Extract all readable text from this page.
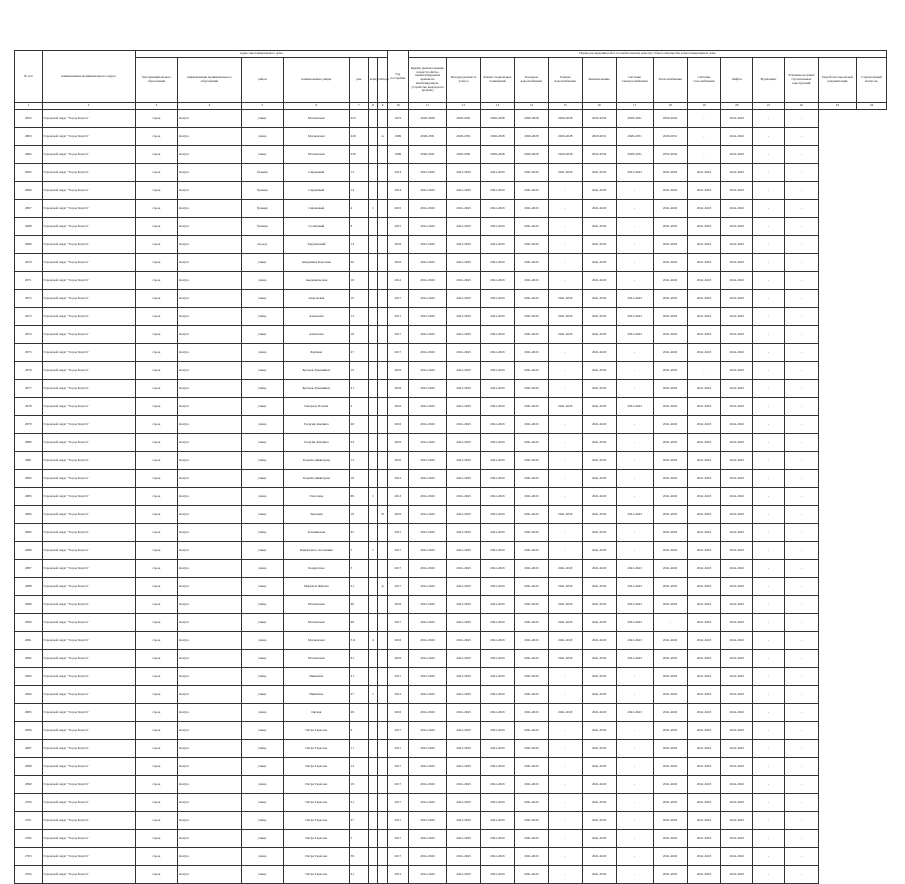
№ п/п	наименование муниципального округа	Адрес многоквартирного дома							Год постройки	Период проведения работ по капитальному ремонту общего имущества в многоквартирном доме													
		тип муниципального образования	наименование муниципального образования	район	наименование улицы	дом	корпус	литера		Крыша (ремонт крыши, переустройство невентилируемой крыши на вентилируемую, устройство выходов на кровлю)	Фасады (ремонт и утепл.)	Ремонт подвальных помещений	Холодное водоснабжение	Горячее водоснабжение	Канализование	Системы электроснабжения	Теплоснабжение	Системы газоснабжения	Лифты	Фундамент	Усиление несущих строительных конструкций	Разработка проектной документации	Строительный контроль
1	2	3	4	5	6	7	8	9	10	11	12	13	14	15	16	17	18	19	20	21	22	23	24
2652	Городской округ "Город Калуга"	город	Калуга	улица	Московская	223			1972	2026-2028	2029-2031	2026-2028	2026-2028	2026-2028	2032-2034	2029-2031	2032-2034	-	2041-2043	-	-		
2663	Городской округ "Город Калуга"	город	Калуга	улица	Московская	229		А	1969	2026-2031	2029-2031	2026-2028	2026-2028	2026-2028	2029-2031	2029-2031	2029-2031	-	2041-2043	-	-		
2664	Городской округ "Город Калуга"	город	Калуга	улица	Московская	229			1969	2026-2031	2029-2031	2026-2028	2026-2028	2026-2028	2032-2034	2029-2031	2032-2034	-	2041-2043	-	-		
2665	Городской округ "Город Калуга"	город	Калуга	бульвар	Сиреневый	12			2014	2041-2043	2041-2043	2041-2043	2041-2043	2041-2043	2041-2043	2041-2043	2041-2043	2041-2043	2041-2043	-	-		
2666	Городской округ "Город Калуга"	город	Калуга	бульвар	Сиреневый	14			2014	2041-2043	2041-2043	2041-2043	2041-2043	-	2041-2043	-	2041-2043	2041-2043	2041-2043	-	-		
2667	Городской округ "Город Калуга"	город	Калуга	бульвар	Сиреневый	4	1		2015	2041-2043	2041-2043	2041-2043	2041-2043	-	2041-2043	-	2041-2043	2041-2043	2041-2043	-	-		
2668	Городской округ "Город Калуга"	город	Калуга	бульвар	Солнечный	8			2015	2041-2043	2041-2043	2041-2043	2041-2043	-	2041-2043	-	2041-2043	2041-2043	2041-2043	-	-		
2669	Городской округ "Город Калуга"	город	Калуга	проезд	Тарутинский	14			2016	2041-2043	2041-2043	2041-2043	2041-2043	-	2041-2043	-	2041-2043	2041-2043	2041-2043	-	-		
2670	Городской округ "Город Калуга"	город	Калуга	улица	Академика Королева	20			2016	2041-2043	2041-2043	2041-2043	2041-2043	-	2041-2043	-	2041-2043	2041-2043	2041-2043	-	-		
2671	Городской округ "Город Калуга"	город	Калуга	улица	Академическая	10			2012	2041-2043	2041-2043	2041-2043	2041-2043	-	2041-2043	-	2041-2043	2041-2043	2041-2043	-	-		
2672	Городской округ "Город Калуга"	город	Калуга	улица	Азаровская	10			2017	2041-2043	2041-2043	2041-2043	2041-2043	2041-2043	2041-2043	2041-2043	2041-2043	2041-2043	2041-2043	-	-		
2673	Городской округ "Город Калуга"	город	Калуга	улица	Алексеева	12			2011	2041-2043	2041-2043	2041-2043	2041-2043	2041-2043	2041-2043	2041-2043	2041-2043	2041-2043	2041-2043	-	-		
2674	Городской округ "Город Калуга"	город	Калуга	улица	Алексеева	18			2017	2041-2043	2041-2043	2041-2043	2041-2043	2041-2043	2041-2043	2041-2043	2041-2043	2041-2043	2041-2043	-	-		
2675	Городской округ "Город Калуга"	город	Калуга	улица	Баумана	27			2017	2041-2043	2041-2043	2041-2043	2041-2043	-	2041-2043	-	2041-2043	2041-2043	2041-2043	-	-		
2676	Городской округ "Город Калуга"	город	Калуга	улица	Братьев Луканиных	19			2016	2041-2043	2041-2043	2041-2043	2041-2043	-	2041-2043	-	2041-2043	-	2041-2043	-	-		
2677	Городской округ "Город Калуга"	город	Калуга	улица	Братьев Луканиных	21			2016	2041-2043	2041-2043	2041-2043	2041-2043	-	2041-2043	-	2041-2043	2041-2043	2041-2043	-	-		
2678	Городской округ "Город Калуга"	город	Калуга	улица	Генерала Попова	2			2016	2041-2043	2041-2043	2041-2043	2041-2043	2041-2043	2041-2043	2041-2043	2041-2043	2041-2043	2041-2043	-	-		
2679	Городской округ "Город Калуга"	город	Калуга	улица	Георгия Амелина	26			2016	2041-2043	2041-2043	2041-2043	2041-2043	-	2041-2043	-	2041-2043	2041-2043	2041-2043	-	-		
2680	Городской округ "Город Калуга"	город	Калуга	улица	Георгия Амелина	24			2016	2041-2043	2041-2043	2041-2043	2041-2043	-	2041-2043	-	2041-2043	2041-2043	2041-2043	-	-		
2681	Городской округ "Город Калуга"	город	Калуга	улица	Георгия Димитрова	12			2010	2041-2043	2041-2043	2041-2043	2041-2043	-	2041-2043	-	2041-2043	2041-2043	2041-2043	-	-		
2682	Городской округ "Город Калуга"	город	Калуга	улица	Георгия Димитрова	18			2012	2041-2043	2041-2043	2041-2043	2041-2043	-	2041-2043	-	2041-2043	2041-2043	2041-2043	-	-		
2683	Городской округ "Город Калуга"	город	Калуга	улица	Глаголева	69	1		2013	2041-2043	2041-2043	2041-2043	2041-2043	-	2041-2043	-	2041-2043	2041-2043	2041-2043	-	-		
2684	Городской округ "Город Калуга"	город	Калуга	улица	Заречная	18		В	2016	2041-2043	2041-2043	2041-2043	2041-2043	2041-2043	2041-2043	2041-2043	2041-2043	2041-2043	2041-2043	-	-		
2685	Городской округ "Город Калуга"	город	Калуга	улица	Зеленинская	45			2015	2041-2043	2041-2043	2041-2043	2041-2043	-	2041-2043	-	2041-2043	2041-2043	2041-2043	-	-		
2686	Городской округ "Город Калуга"	город	Калуга	улица	Кавказского ополчения	5	1		2017	2041-2043	2041-2043	2041-2043	2041-2043	-	2041-2043	-	2041-2043	2041-2043	2041-2043	-	-		
2687	Городской округ "Город Калуга"	город	Калуга	улица	Кондратова	3			2017	2041-2043	2041-2043	2041-2043	2041-2043	2041-2043	2041-2043	2041-2043	2041-2043	2041-2043	2041-2043	-	-		
2688	Городской округ "Город Калуга"	город	Калуга	улица	Маршала Жукова	21		А	2017	2041-2043	2041-2043	2041-2043	2041-2043	2041-2043	2041-2043	2041-2043	2041-2043	2041-2043	2041-2043	-	-		
2689	Городской округ "Город Калуга"	город	Калуга	улица	Московская	46			2016	2041-2043	2041-2043	2041-2043	2041-2043	2041-2043	2041-2043	2041-2043	2041-2043	2041-2043	2041-2043	-	-		
2690	Городской округ "Город Калуга"	город	Калуга	улица	Московская	48			2017	2041-2043	2041-2043	2041-2043	2041-2043	2041-2043	2041-2043	2041-2043	-	2041-2043	2041-2043	-	-		
2691	Городской округ "Город Калуга"	город	Калуга	улица	Московская	311	4		2016	2041-2043	2041-2043	2041-2043	2041-2043	2041-2043	2041-2043	2041-2043	2041-2043	2041-2043	2041-2043	-	-		
2692	Городской округ "Город Калуга"	город	Калуга	улица	Московская	61			2016	2041-2043	2041-2043	2041-2043	2041-2043	2041-2043	2041-2043	2041-2043	2041-2043	2041-2043	2041-2043	-	-		
2693	Городской округ "Город Калуга"	город	Калуга	улица	Никитина	21			2017	2041-2043	2041-2043	2041-2043	2041-2043	-	2041-2043	-	2041-2043	2041-2043	2041-2043	-	-		
2694	Городской округ "Город Калуга"	город	Калуга	улица	Никитина	27	1		2012	2041-2043	2041-2043	2041-2043	2041-2043	-	2041-2043	-	2041-2043	2041-2043	2041-2043	-	-		
2695	Городской округ "Город Калуга"	город	Калуга	улица	Окская	29			2016	2041-2043	2041-2043	2041-2043	2041-2043	2041-2043	2041-2043	2041-2043	2041-2043	2041-2043	2041-2043	-	-		
2696	Городской округ "Город Калуга"	город	Калуга	улица	Петра Тарасова	9			2017	2041-2043	2041-2043	2041-2043	2041-2043	-	2041-2043	-	2041-2043	2041-2043	2041-2043	-	-		
2697	Городской округ "Город Калуга"	город	Калуга	улица	Петра Тарасова	11			2017	2041-2043	2041-2043	2041-2043	2041-2043	-	2041-2043	-	2041-2043	2041-2043	2041-2043	-	-		
2698	Городской округ "Город Калуга"	город	Калуга	улица	Петра Тарасова	13			2017	2041-2043	2041-2043	2041-2043	2041-2043	-	2041-2043	-	2041-2043	2041-2043	2041-2043	-	-		
2699	Городской округ "Город Калуга"	город	Калуга	улица	Петра Тарасова	19			2017	2041-2043	2041-2043	2041-2043	2041-2043	-	2041-2043	-	2041-2043	2041-2043	2041-2043	-	-		
2700	Городской округ "Город Калуга"	город	Калуга	улица	Петра Тарасова	21			2017	2041-2043	2041-2043	2041-2043	2041-2043	-	2041-2043	-	2041-2043	2041-2043	2041-2043	-	-		
2701	Городской округ "Город Калуга"	город	Калуга	улица	Петра Тарасова	27			2017	2041-2043	2041-2043	2041-2043	2041-2043	-	2041-2043	-	2041-2043	2041-2043	2041-2043	-	-		
2702	Городской округ "Город Калуга"	город	Калуга	улица	Петра Тарасова	5			2017	2041-2043	2041-2043	2041-2043	2041-2043	-	2041-2043	-	2041-2043	2041-2043	2041-2043	-	-		
2703	Городской округ "Город Калуга"	город	Калуга	улица	Петра Тарасова	39			2017	2041-2043	2041-2043	2041-2043	2041-2043	-	2041-2043	-	2041-2043	2041-2043	2041-2043	-	-		
2704	Городской округ "Город Калуга"	город	Калуга	улица	Петра Тарасова	41			2012	2041-2043	2041-2043	2041-2043	2041-2043	-	2041-2043	-	2041-2043	2041-2043	2041-2043	-	-		
